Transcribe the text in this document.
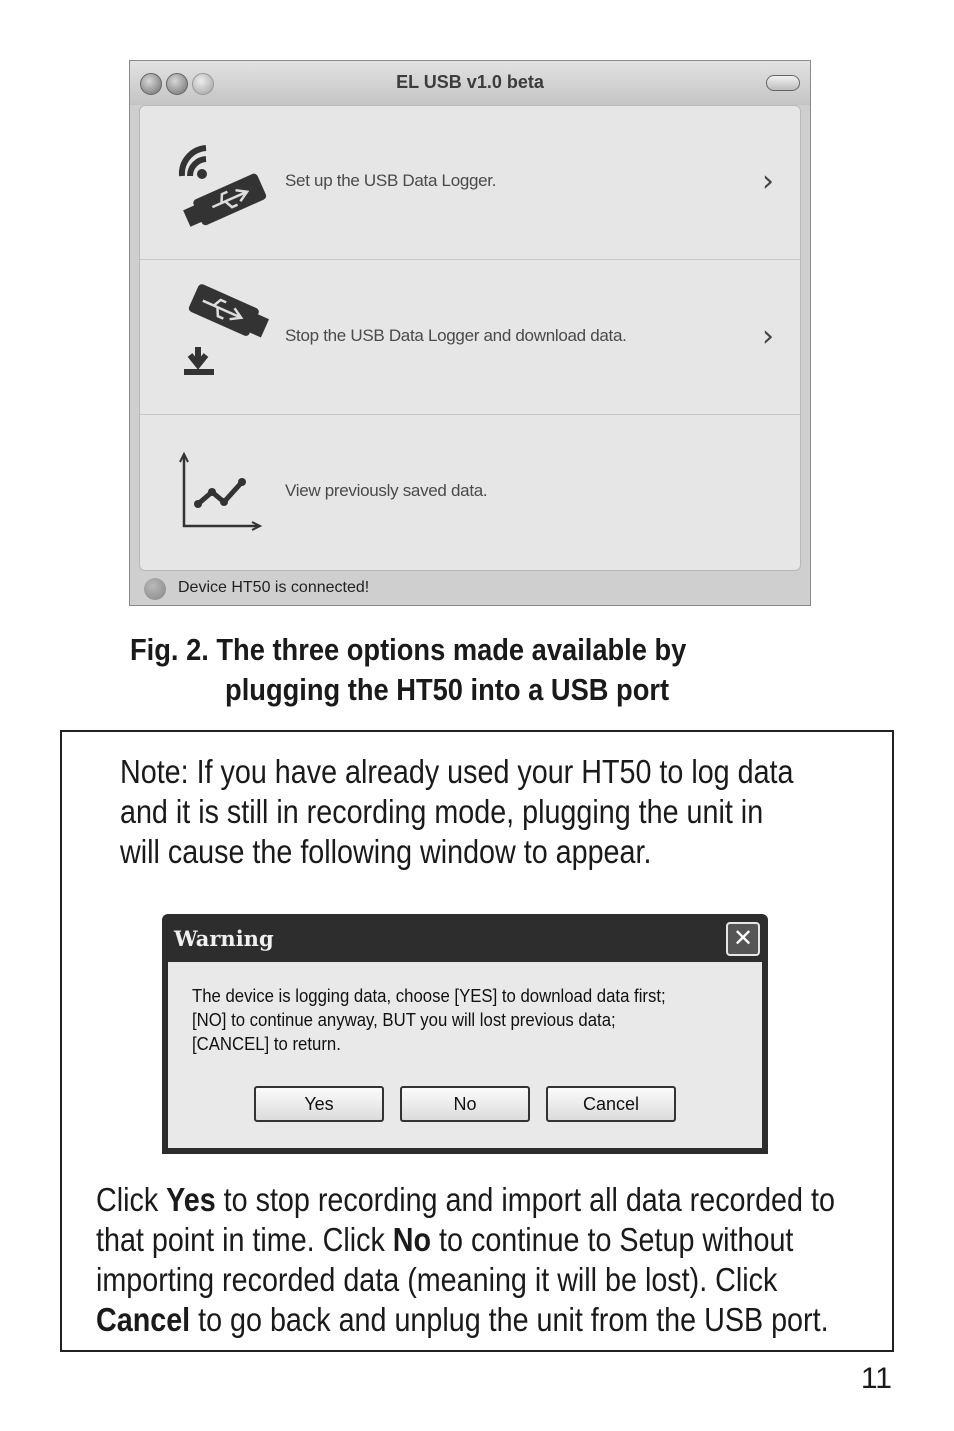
EL USB v1.0 beta
Set up the USB Data Logger.	›
Stop the USB Data Logger and download data.	›
View previously saved data.
Device HT50 is connected!
Fig. 2. The three options made available by
plugging the HT50 into a USB port
Note: If you have already used your HT50 to log data
and it is still in recording mode, plugging the unit in
will cause the following window to appear.
Warning	✕
The device is logging data, choose [YES] to download data first;
[NO] to continue anyway, BUT you will lost previous data;
[CANCEL] to return.
Yes	No	Cancel
Click Yes to stop recording and import all data recorded to that point in time. Click No to continue to Setup without importing recorded data (meaning it will be lost). Click Cancel to go back and unplug the unit from the USB port.
11
